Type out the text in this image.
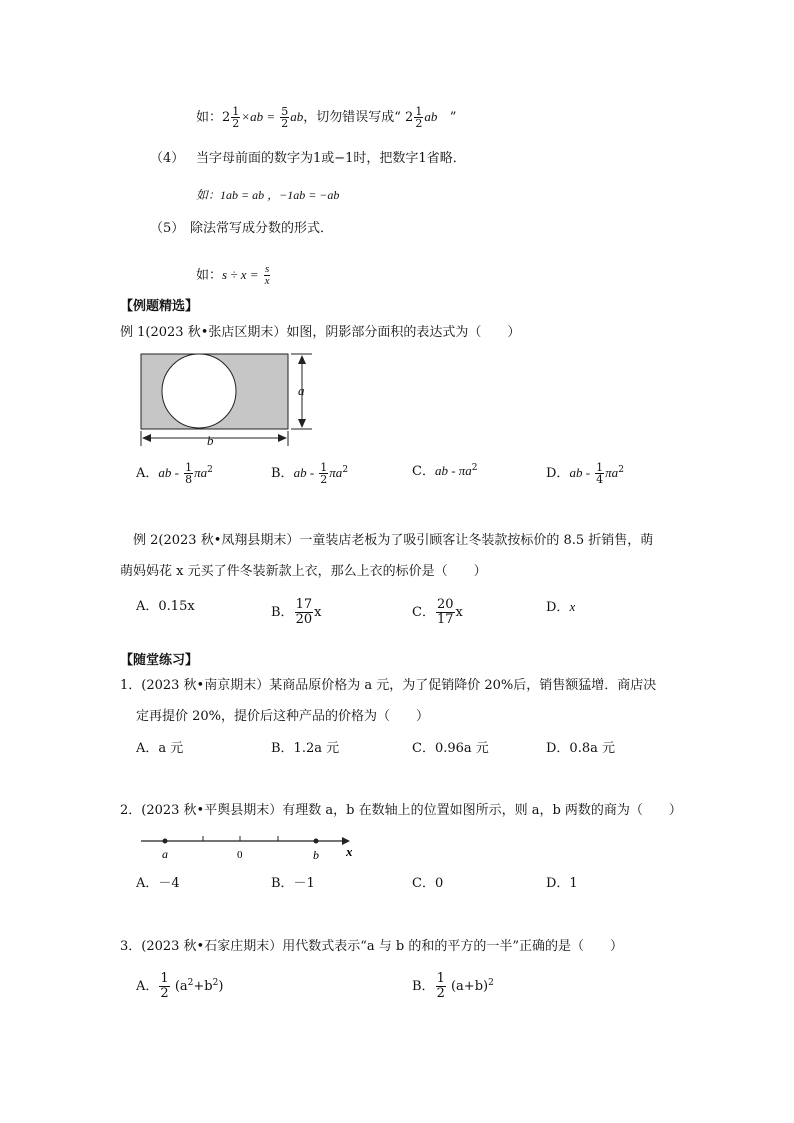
如：$2 \frac{1}{2} \times ab = \frac{5}{2}$ ab，切勿错误写成“ $2 \frac{1}{2}$ ab ”
（4） 当字母前面的数字为1或−1时，把数字1省略．
如：1ab = ab ，−1ab = −ab
（5） 除法常写成分数的形式．
如：$s \div x = \frac{s}{x}$
【例题精选】
例 1(2023 秋•张店区期末）如图，阴影部分面积的表达式为（　　）
a
b
A．ab - $\frac{1}{8} \pi a^2$	B．ab - $\frac{1}{2} \pi a^2$	C．ab - $\pi a^2$	D．ab - $\frac{1}{4} \pi a^2$
例 2(2023 秋•凤翔县期末）一童装店老板为了吸引顾客让冬装款按标价的 8.5 折销售，萌
萌妈妈花 x 元买了件冬装新款上衣，那么上衣的标价是（　　）
A．0.15x	B． $\frac{17}{20}$ x	C． $\frac{20}{17}$ x	D．x
【随堂练习】
1．(2023 秋•南京期末）某商品原价格为 a 元，为了促销降价 20%后，销售额猛增．商店决
定再提价 20%，提价后这种产品的价格为（　　）
A．a 元	B．1.2a 元	C．0.96a 元	D．0.8a 元
2．(2023 秋•平舆县期末）有理数 a，b 在数轴上的位置如图所示，则 a，b 两数的商为（　　）
a	0	b x
A．－4	B．－1	C．0	D．1
3．(2023 秋•石家庄期末）用代数式表示“a 与 b 的和的平方的一半”正确的是（　　）
A． $\frac{1}{2} (a^2+b^2)$	B． $\frac{1}{2} (a+b)^2$
